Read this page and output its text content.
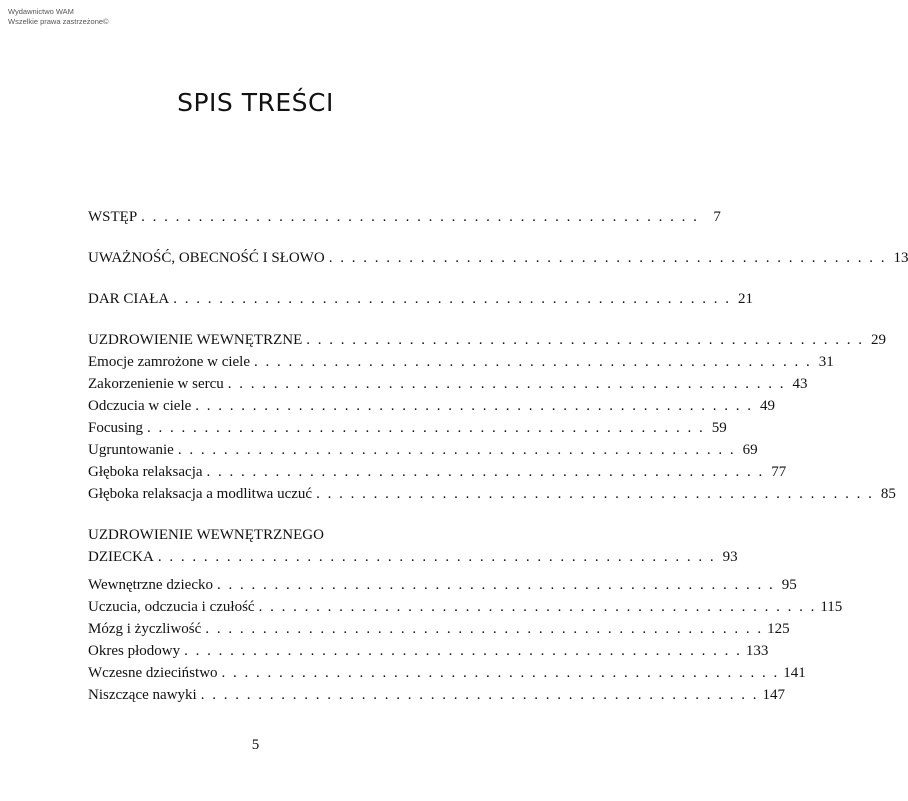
Wydawnictwo WAM
Wszelkie prawa zastrzeżone©
SPIS TREŚCI
WSTĘP . . . . . . . . . . . . . . . . . . . . . . . . . . . . . . . . . . . . . . . . . . . . . . . . . 7
UWAŻNOŚĆ, OBECNOŚĆ I SŁOWO . . . . . . . . . . . . . . . . . . . . . . . . . . . . . . . . . . . . . . . . . . . . . . . . . 13
DAR CIAŁA . . . . . . . . . . . . . . . . . . . . . . . . . . . . . . . . . . . . . . . . . . . . . . . . . 21
UZDROWIENIE WEWNĘTRZNE . . . . . . . . . . . . . . . . . . . . . . . . . . . . . . . . . . . . . . . . . . . . . . . . . 29
Emocje zamrożone w ciele . . . . . . . . . . . . . . . . . . . . . . . . . . . . . . . . . . . . . . . . . . . . . . . . . 31
Zakorzenienie w sercu . . . . . . . . . . . . . . . . . . . . . . . . . . . . . . . . . . . . . . . . . . . . . . . . . 43
Odczucia w ciele . . . . . . . . . . . . . . . . . . . . . . . . . . . . . . . . . . . . . . . . . . . . . . . . . 49
Focusing . . . . . . . . . . . . . . . . . . . . . . . . . . . . . . . . . . . . . . . . . . . . . . . . . 59
Ugruntowanie . . . . . . . . . . . . . . . . . . . . . . . . . . . . . . . . . . . . . . . . . . . . . . . . . 69
Głęboka relaksacja . . . . . . . . . . . . . . . . . . . . . . . . . . . . . . . . . . . . . . . . . . . . . . . . . 77
Głęboka relaksacja a modlitwa uczuć . . . . . . . . . . . . . . . . . . . . . . . . . . . . . . . . . . . . . . . . . . . . . . . . . 85
UZDROWIENIE WEWNĘTRZNEGO
DZIECKA . . . . . . . . . . . . . . . . . . . . . . . . . . . . . . . . . . . . . . . . . . . . . . . . . 93
Wewnętrzne dziecko . . . . . . . . . . . . . . . . . . . . . . . . . . . . . . . . . . . . . . . . . . . . . . . . . 95
Uczucia, odczucia i czułość . . . . . . . . . . . . . . . . . . . . . . . . . . . . . . . . . . . . . . . . . . . . . . . . . 115
Mózg i życzliwość . . . . . . . . . . . . . . . . . . . . . . . . . . . . . . . . . . . . . . . . . . . . . . . . . 125
Okres płodowy . . . . . . . . . . . . . . . . . . . . . . . . . . . . . . . . . . . . . . . . . . . . . . . . . 133
Wczesne dzieciństwo . . . . . . . . . . . . . . . . . . . . . . . . . . . . . . . . . . . . . . . . . . . . . . . . . 141
Niszczące nawyki . . . . . . . . . . . . . . . . . . . . . . . . . . . . . . . . . . . . . . . . . . . . . . . . . 147
5
